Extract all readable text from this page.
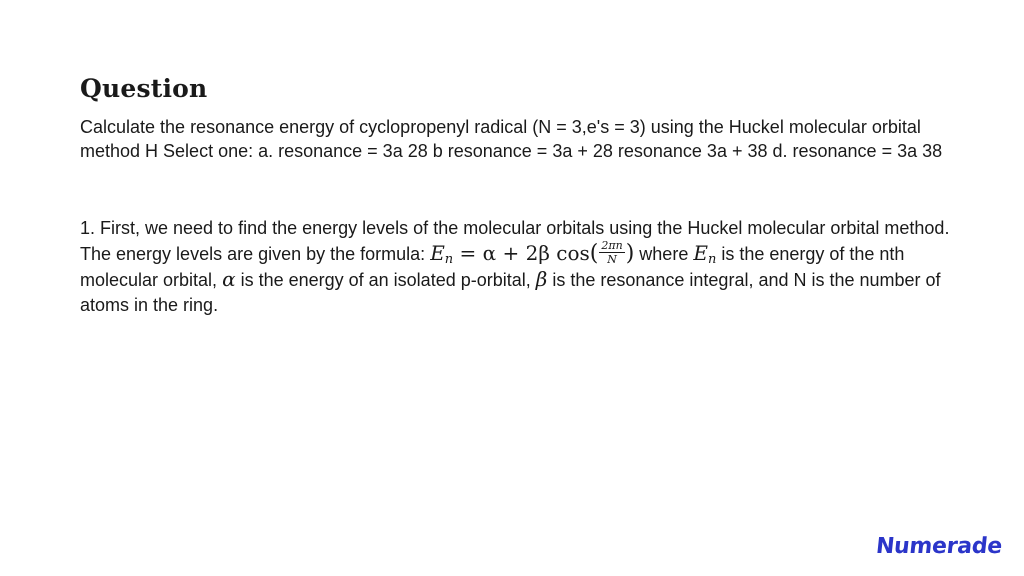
Question

Calculate the resonance energy of cyclopropenyl radical (N = 3,e's = 3) using the Huckel molecular orbital method H Select one: a. resonance = 3a 28 b resonance = 3a + 28 resonance 3a + 38 d. resonance = 3a 38

1. First, we need to find the energy levels of the molecular orbitals using the Huckel molecular orbital method. The energy levels are given by the formula: $E_n = \alpha + 2\beta$ $\cos( \frac{2\pi n}{N}$ ) where $E_n$ is the energy of the nth molecular orbital, α is the energy of an isolated p-orbital, β is the resonance integral, and N is the number of atoms in the ring.

Numerade
